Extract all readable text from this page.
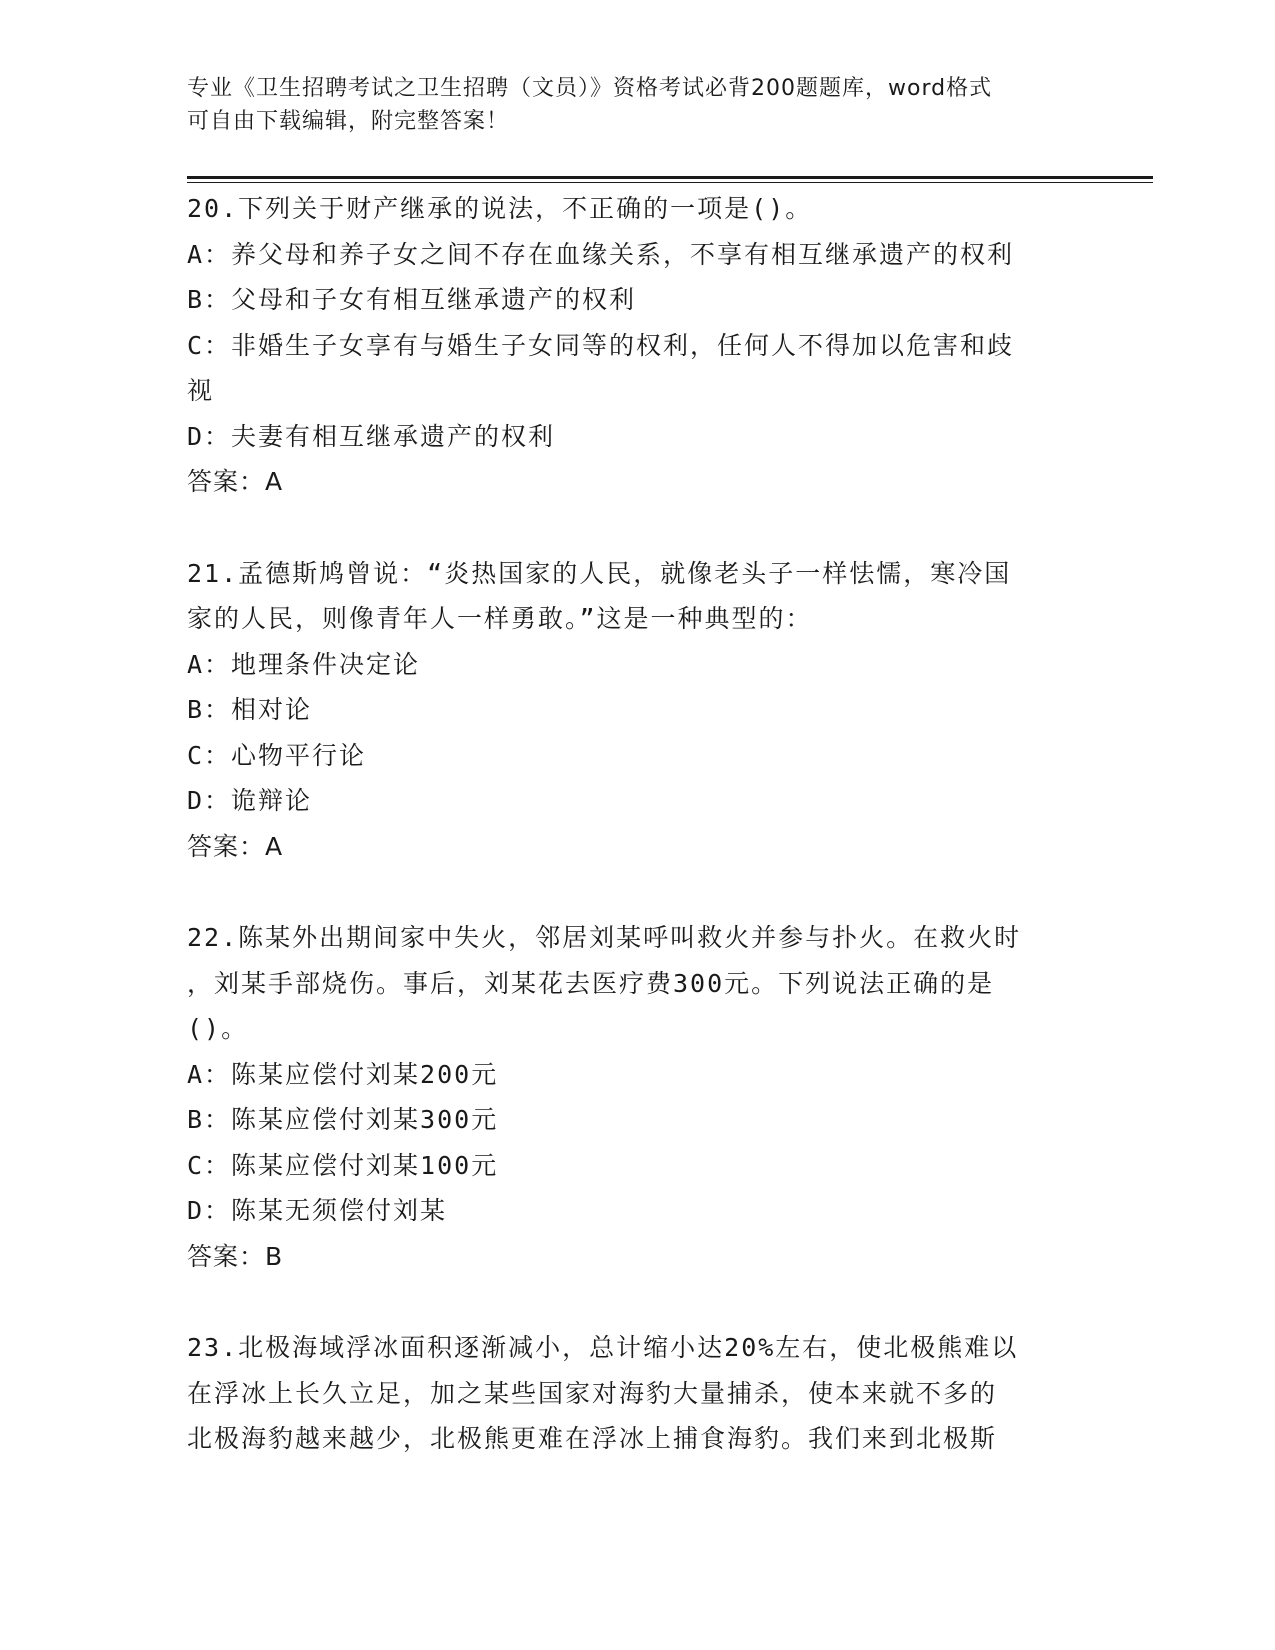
专业《卫生招聘考试之卫生招聘（文员）》资格考试必背200题题库，word格式

可自由下载编辑，附完整答案！

20.下列关于财产继承的说法，不正确的一项是()。

A：养父母和养子女之间不存在血缘关系，不享有相互继承遗产的权利

B：父母和子女有相互继承遗产的权利

C：非婚生子女享有与婚生子女同等的权利，任何人不得加以危害和歧

视

D：夫妻有相互继承遗产的权利

答案：A

21.孟德斯鸠曾说：“炎热国家的人民，就像老头子一样怯懦，寒冷国

家的人民，则像青年人一样勇敢。”这是一种典型的：

A：地理条件决定论

B：相对论

C：心物平行论

D：诡辩论

答案：A

22.陈某外出期间家中失火，邻居刘某呼叫救火并参与扑火。在救火时

，刘某手部烧伤。事后，刘某花去医疗费300元。下列说法正确的是

()。

A：陈某应偿付刘某200元

B：陈某应偿付刘某300元

C：陈某应偿付刘某100元

D：陈某无须偿付刘某

答案：B

23.北极海域浮冰面积逐渐减小，总计缩小达20%左右，使北极熊难以

在浮冰上长久立足，加之某些国家对海豹大量捕杀，使本来就不多的

北极海豹越来越少，北极熊更难在浮冰上捕食海豹。我们来到北极斯
